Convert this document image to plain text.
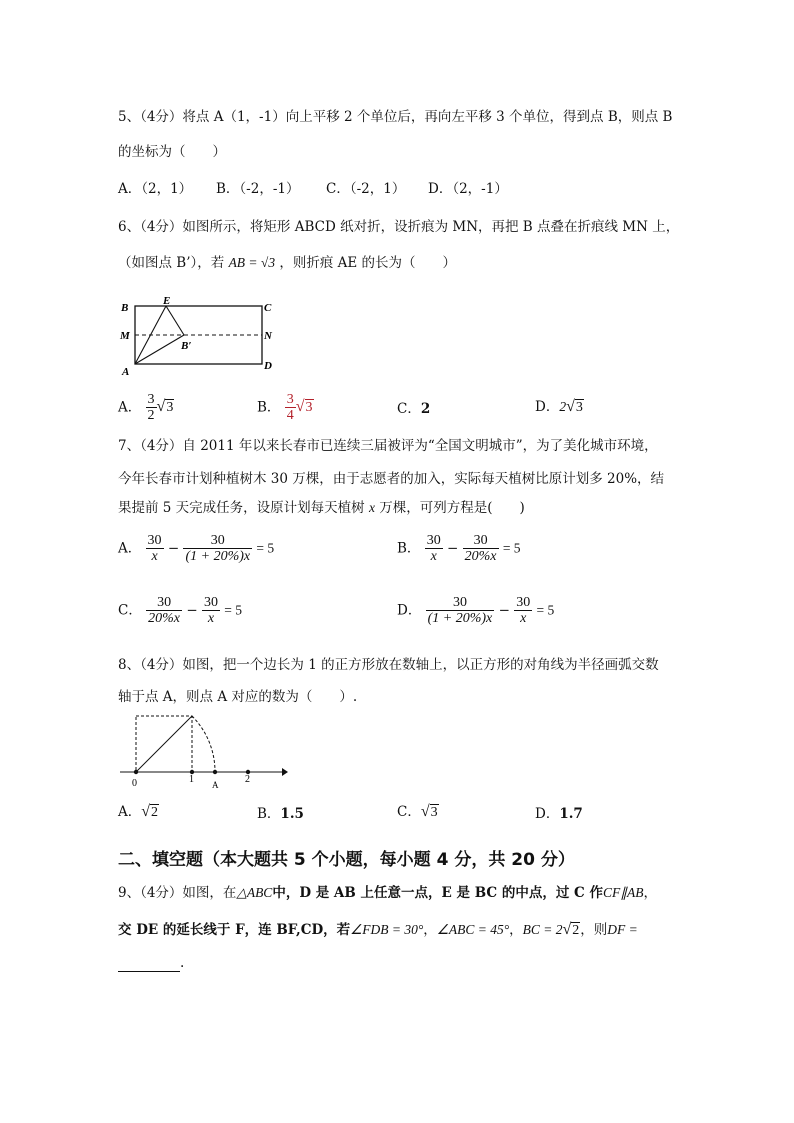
5、（4分）将点 A（1，-1）向上平移 2 个单位后，再向左平移 3 个单位，得到点 B，则点 B
的坐标为（　　）
A．（2，1） B．（-2，-1） C．（-2，1） D．（2，-1）
6、（4分）如图所示，将矩形 ABCD 纸对折，设折痕为 MN，再把 B 点叠在折痕线 MN 上，
（如图点 B’），若 AB = √3 ，则折痕 AE 的长为（　　）
B
E
C
M	N
B′
A	D
A． $\frac{3}{2} √3$	B． $\frac{3}{4} √3$	C．2	D．2√3
7、（4分）自 2011 年以来长春市已连续三届被评为“全国文明城市”，为了美化城市环境，
今年长春市计划种植树木 30 万棵，由于志愿者的加入，实际每天植树比原计划多 20%，结
果提前 5 天完成任务，设原计划每天植树 x 万棵，可列方程是(　　)
A． $\frac{30}{x} - \frac{30}{(1 + 20\%)x} = 5$	B． $\frac{30}{x} - \frac{30}{20\%x} = 5$
C． $\frac{30}{20\%x} - \frac{30}{x} = 5$	D． $\frac{30}{(1 + 20\%)x} - \frac{30}{x} = 5$
8、（4分）如图，把一个边长为 1 的正方形放在数轴上，以正方形的对角线为半径画弧交数
轴于点 A，则点 A 对应的数为（　　）.
0	1 A	2
A．√2	B．1.5	C．√3	D．1.7
二、填空题（本大题共 5 个小题，每小题 4 分，共 20 分）
9、（4分）如图，在△ABC中，D 是 AB 上任意一点，E 是 BC 的中点，过 C 作CF∥AB，
交 DE 的延长线于 F，连 BF,CD，若∠FDB = 30°，∠ABC = 45°，BC = 2√2，则DF =
.
